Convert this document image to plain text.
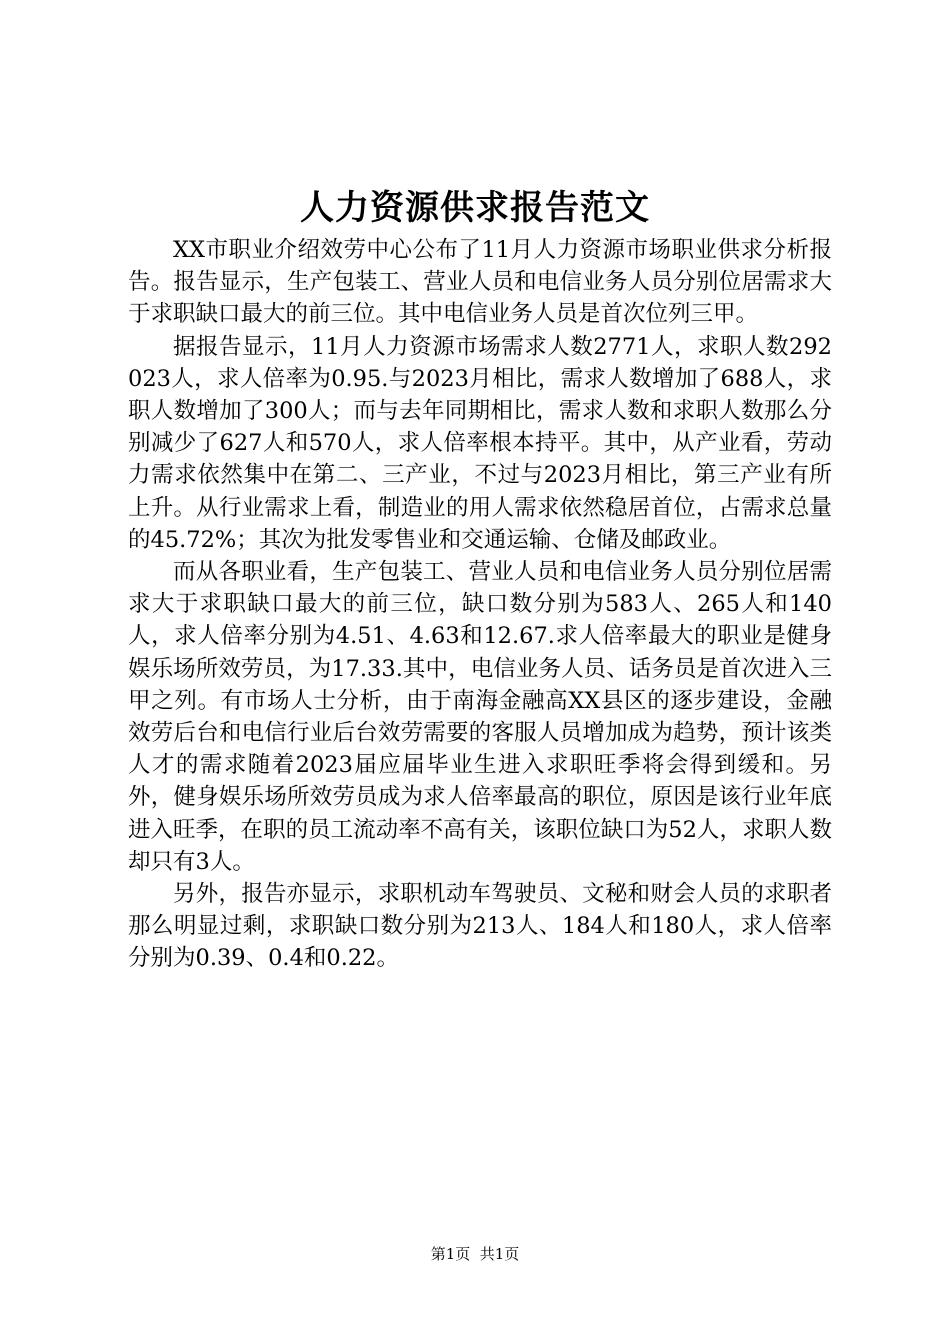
人力资源供求报告范文

XX市职业介绍效劳中心公布了11月人力资源市场职业供求分析报告。报告显示，生产包装工、营业人员和电信业务人员分别位居需求大于求职缺口最大的前三位。其中电信业务人员是首次位列三甲。

据报告显示，11月人力资源市场需求人数2771人，求职人数292023人，求人倍率为0.95.与2023月相比，需求人数增加了688人，求职人数增加了300人；而与去年同期相比，需求人数和求职人数那么分别减少了627人和570人，求人倍率根本持平。其中，从产业看，劳动力需求依然集中在第二、三产业，不过与2023月相比，第三产业有所上升。从行业需求上看，制造业的用人需求依然稳居首位，占需求总量的45.72%；其次为批发零售业和交通运输、仓储及邮政业。

而从各职业看，生产包装工、营业人员和电信业务人员分别位居需求大于求职缺口最大的前三位，缺口数分别为583人、265人和140人，求人倍率分别为4.51、4.63和12.67.求人倍率最大的职业是健身娱乐场所效劳员，为17.33.其中，电信业务人员、话务员是首次进入三甲之列。有市场人士分析，由于南海金融高XX县区的逐步建设，金融效劳后台和电信行业后台效劳需要的客服人员增加成为趋势，预计该类人才的需求随着2023届应届毕业生进入求职旺季将会得到缓和。另外，健身娱乐场所效劳员成为求人倍率最高的职位，原因是该行业年底进入旺季，在职的员工流动率不高有关，该职位缺口为52人，求职人数却只有3人。

另外，报告亦显示，求职机动车驾驶员、文秘和财会人员的求职者那么明显过剩，求职缺口数分别为213人、184人和180人，求人倍率分别为0.39、0.4和0.22。

第1页  共1页
